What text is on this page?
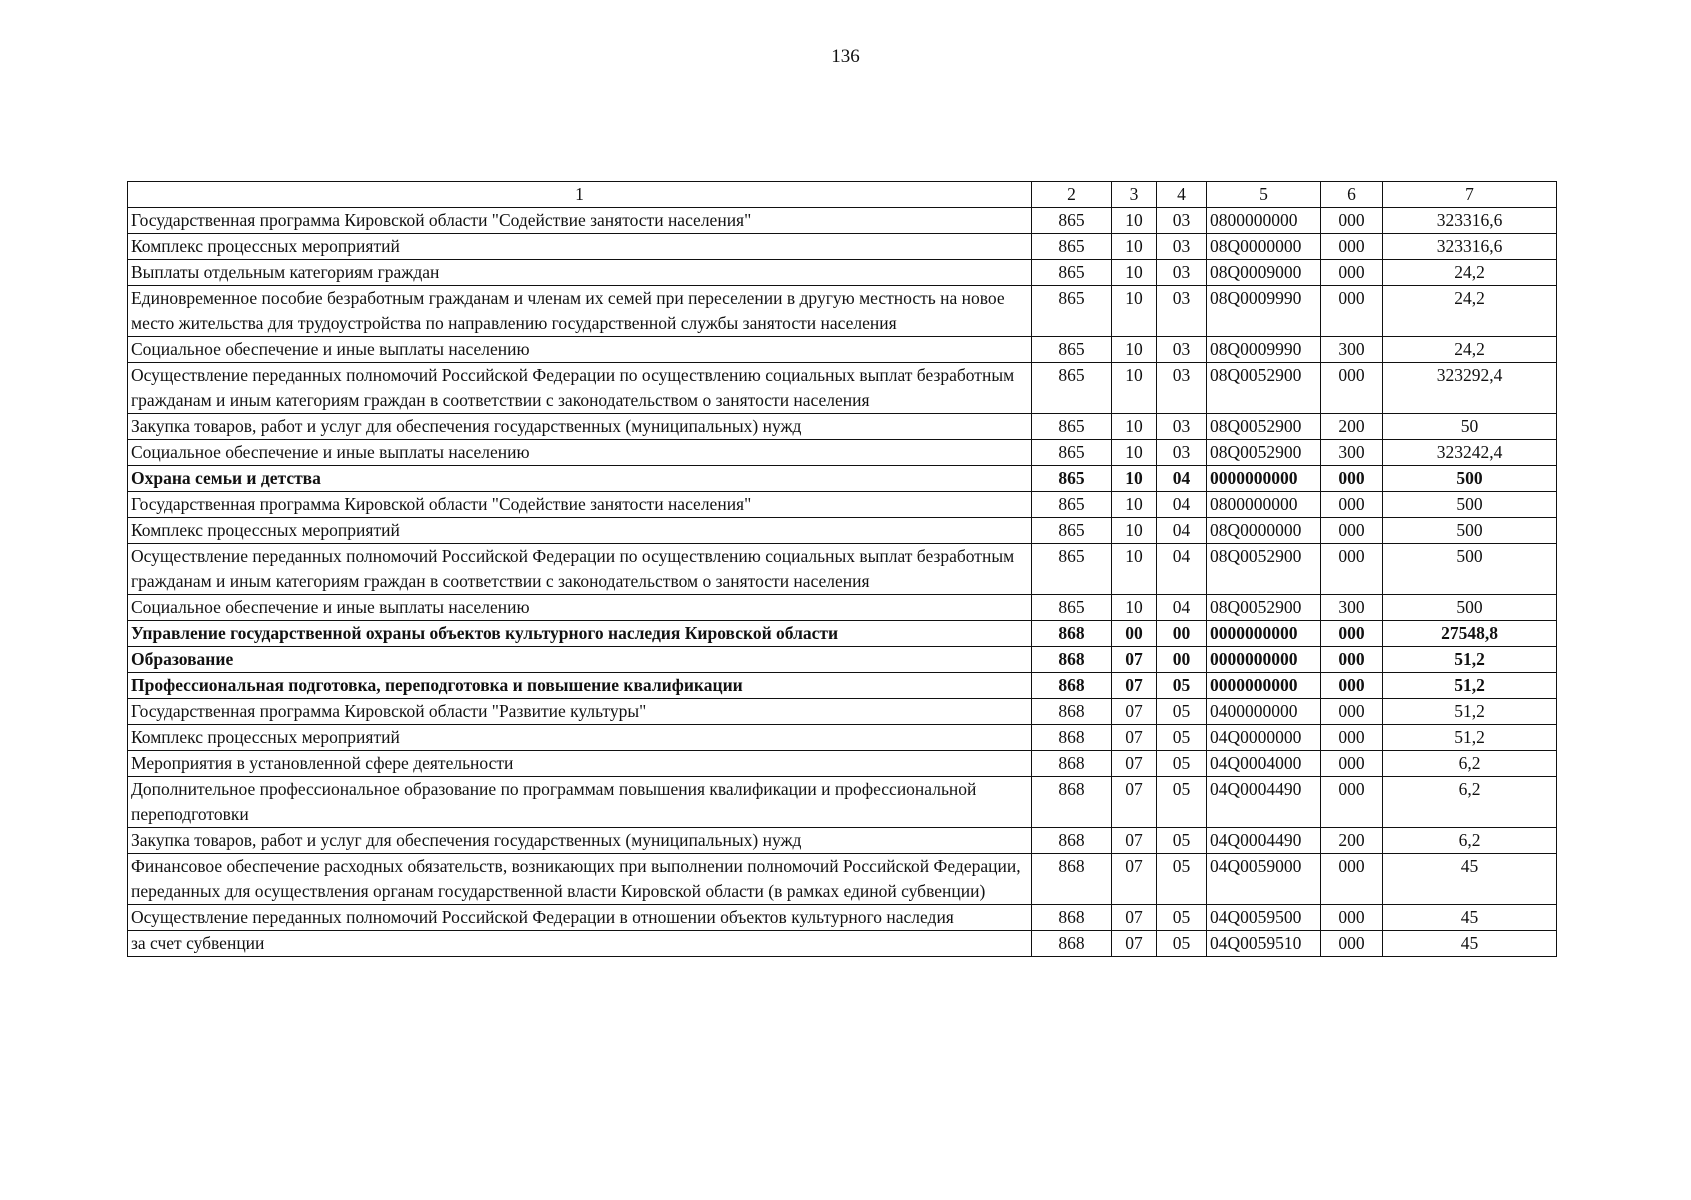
136
1	2	3	4	5	6	7
Государственная программа Кировской области "Содействие занятости населения"	865	10	03	0800000000	000	323316,6
Комплекс процессных мероприятий	865	10	03	08Q0000000	000	323316,6
Выплаты отдельным категориям граждан	865	10	03	08Q0009000	000	24,2
Единовременное пособие безработным гражданам и членам их семей при переселении в другую местность на новое место жительства для трудоустройства по направлению государственной службы занятости населения	865	10	03	08Q0009990	000	24,2
Социальное обеспечение и иные выплаты населению	865	10	03	08Q0009990	300	24,2
Осуществление переданных полномочий Российской Федерации по осуществлению социальных выплат безработным гражданам и иным категориям граждан в соответствии с законодательством о занятости населения	865	10	03	08Q0052900	000	323292,4
Закупка товаров, работ и услуг для обеспечения государственных (муниципальных) нужд	865	10	03	08Q0052900	200	50
Социальное обеспечение и иные выплаты населению	865	10	03	08Q0052900	300	323242,4
Охрана семьи и детства	865	10	04	0000000000	000	500
Государственная программа Кировской области "Содействие занятости населения"	865	10	04	0800000000	000	500
Комплекс процессных мероприятий	865	10	04	08Q0000000	000	500
Осуществление переданных полномочий Российской Федерации по осуществлению социальных выплат безработным гражданам и иным категориям граждан в соответствии с законодательством о занятости населения	865	10	04	08Q0052900	000	500
Социальное обеспечение и иные выплаты населению	865	10	04	08Q0052900	300	500
Управление государственной охраны объектов культурного наследия Кировской области	868	00	00	0000000000	000	27548,8
Образование	868	07	00	0000000000	000	51,2
Профессиональная подготовка, переподготовка и повышение квалификации	868	07	05	0000000000	000	51,2
Государственная программа Кировской области "Развитие культуры"	868	07	05	0400000000	000	51,2
Комплекс процессных мероприятий	868	07	05	04Q0000000	000	51,2
Мероприятия в установленной сфере деятельности	868	07	05	04Q0004000	000	6,2
Дополнительное профессиональное образование по программам повышения квалификации и профессиональной переподготовки	868	07	05	04Q0004490	000	6,2
Закупка товаров, работ и услуг для обеспечения государственных (муниципальных) нужд	868	07	05	04Q0004490	200	6,2
Финансовое обеспечение расходных обязательств, возникающих при выполнении полномочий Российской Федерации, переданных для осуществления органам государственной власти Кировской области (в рамках единой субвенции)	868	07	05	04Q0059000	000	45
Осуществление переданных полномочий Российской Федерации в отношении объектов культурного наследия	868	07	05	04Q0059500	000	45
за счет субвенции	868	07	05	04Q0059510	000	45
